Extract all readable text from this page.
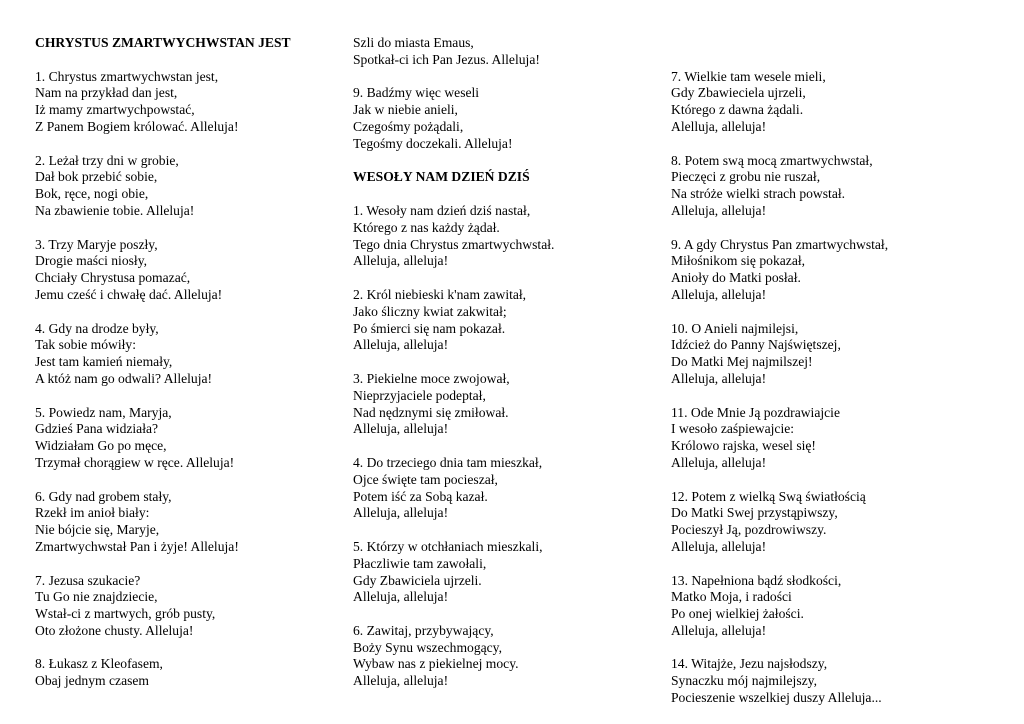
CHRYSTUS ZMARTWYCHWSTAN JEST
1. Chrystus zmartwychwstan jest,
Nam na przykład dan jest,
Iż mamy zmartwychpowstać,
Z Panem Bogiem królować. Alleluja!
2. Leżał trzy dni w grobie,
Dał bok przebić sobie,
Bok, ręce, nogi obie,
Na zbawienie tobie. Alleluja!
3. Trzy Maryje poszły,
Drogie maści niosły,
Chciały Chrystusa pomazać,
Jemu cześć i chwałę dać. Alleluja!
4. Gdy na drodze były,
Tak sobie mówiły:
Jest tam kamień niemały,
A któż nam go odwali? Alleluja!
5. Powiedz nam, Maryja,
Gdzieś Pana widziała?
Widziałam Go po męce,
Trzymał chorągiew w ręce. Alleluja!
6. Gdy nad grobem stały,
Rzekł im anioł biały:
Nie bójcie się, Maryje,
Zmartwychwstał Pan i żyje! Alleluja!
7. Jezusa szukacie?
Tu Go nie znajdziecie,
Wstał-ci z martwych, grób pusty,
Oto złożone chusty. Alleluja!
8. Łukasz z Kleofasem,
Obaj jednym czasem
Szli do miasta Emaus,
Spotkał-ci ich Pan Jezus. Alleluja!
9. Badźmy więc weseli
Jak w niebie anieli,
Czegośmy pożądali,
Tegośmy doczekali. Alleluja!
WESOŁY NAM DZIEŃ DZIŚ
1. Wesoły nam dzień dziś nastał,
Którego z nas każdy żądał.
Tego dnia Chrystus zmartwychwstał.
Alleluja, alleluja!
2. Król niebieski k'nam zawitał,
Jako śliczny kwiat zakwitał;
Po śmierci się nam pokazał.
Alleluja, alleluja!
3. Piekielne moce zwojował,
Nieprzyjaciele podeptał,
Nad nędznymi się zmiłował.
Alleluja, alleluja!
4. Do trzeciego dnia tam mieszkał,
Ojce święte tam pocieszał,
Potem iść za Sobą kazał.
Alleluja, alleluja!
5. Którzy w otchłaniach mieszkali,
Płaczliwie tam zawołali,
Gdy Zbawiciela ujrzeli.
Alleluja, alleluja!
6. Zawitaj, przybywający,
Boży Synu wszechmogący,
Wybaw nas z piekielnej mocy.
Alleluja, alleluja!
7. Wielkie tam wesele mieli,
Gdy Zbawieciela ujrzeli,
Którego z dawna żądali.
Alelluja, alleluja!
8. Potem swą mocą zmartwychwstał,
Pieczęci z grobu nie ruszał,
Na stróże wielki strach powstał.
Alleluja, alleluja!
9. A gdy Chrystus Pan zmartwychwstał,
Miłośnikom się pokazał,
Anioły do Matki posłał.
Alleluja, alleluja!
10. O Anieli najmilejsi,
Idźcież do Panny Najświętszej,
Do Matki Mej najmilszej!
Alleluja, alleluja!
11. Ode Mnie Ją pozdrawiajcie
I wesoło zaśpiewajcie:
Królowo rajska, wesel się!
Alleluja, alleluja!
12. Potem z wielką Swą światłością
Do Matki Swej przystąpiwszy,
Pocieszył Ją, pozdrowiwszy.
Alleluja, alleluja!
13. Napełniona bądź słodkości,
Matko Moja, i radości
Po onej wielkiej żałości.
Alleluja, alleluja!
14. Witajże, Jezu najsłodszy,
Synaczku mój najmilejszy,
Pocieszenie wszelkiej duszy Alleluja...
